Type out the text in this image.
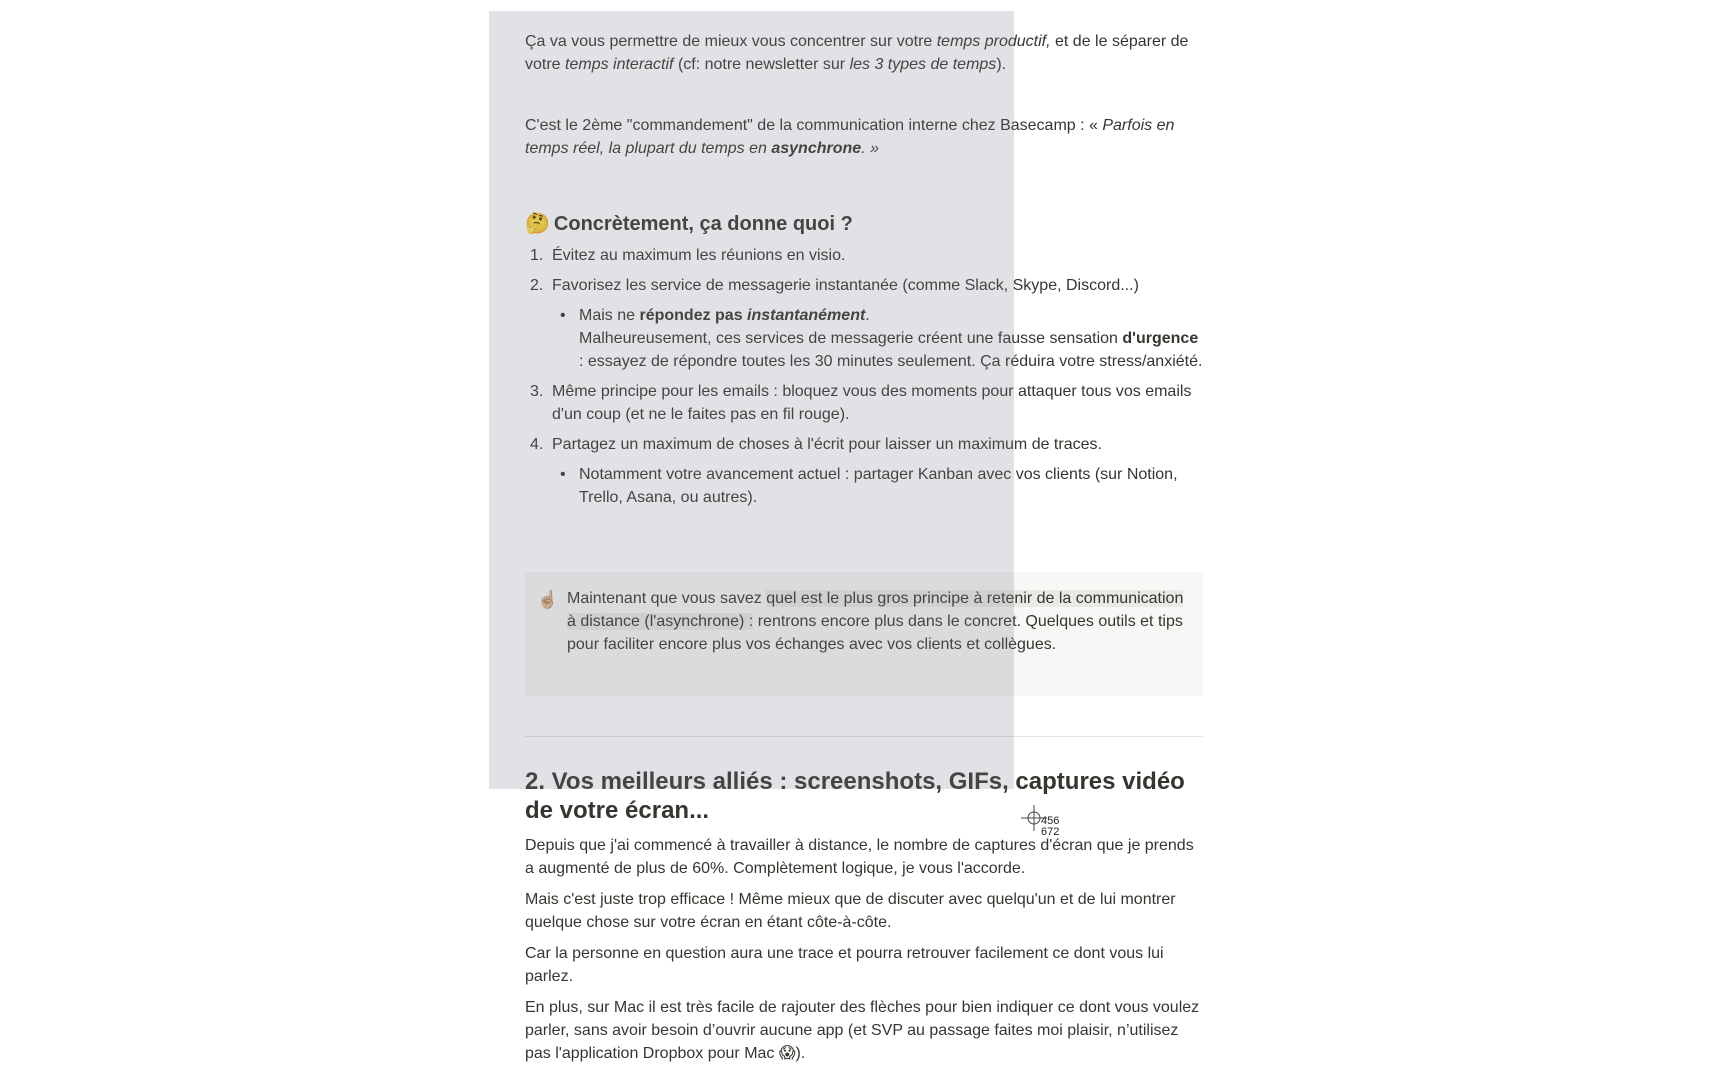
Ça va vous permettre de mieux vous concentrer sur votre temps productif, et de le séparer de votre temps interactif (cf: notre newsletter sur les 3 types de temps).

C'est le 2ème "commandement" de la communication interne chez Basecamp : « Parfois en temps réel, la plupart du temps en asynchrone. »

🤔 Concrètement, ça donne quoi ?
1. Évitez au maximum les réunions en visio.
2. Favorisez les service de messagerie instantanée (comme Slack, Skype, Discord...)
• Mais ne répondez pas instantanément.
Malheureusement, ces services de messagerie créent une fausse sensation d'urgence : essayez de répondre toutes les 30 minutes seulement. Ça réduira votre stress/anxiété.
3. Même principe pour les emails : bloquez vous des moments pour attaquer tous vos emails d'un coup (et ne le faites pas en fil rouge).
4. Partagez un maximum de choses à l'écrit pour laisser un maximum de traces.
• Notamment votre avancement actuel : partager Kanban avec vos clients (sur Notion, Trello, Asana, ou autres).
☝🏼 Maintenant que vous savez quel est le plus gros principe à retenir de la communication à distance (l'asynchrone) : rentrons encore plus dans le concret. Quelques outils et tips pour faciliter encore plus vos échanges avec vos clients et collègues.
2. Vos meilleurs alliés : screenshots, GIFs, captures vidéo de votre écran...

Depuis que j'ai commencé à travailler à distance, le nombre de captures d'écran que je prends a augmenté de plus de 60%. Complètement logique, je vous l'accorde.

Mais c'est juste trop efficace ! Même mieux que de discuter avec quelqu'un et de lui montrer quelque chose sur votre écran en étant côte-à-côte.

Car la personne en question aura une trace et pourra retrouver facilement ce dont vous lui parlez.

En plus, sur Mac il est très facile de rajouter des flèches pour bien indiquer ce dont vous voulez parler, sans avoir besoin d’ouvrir aucune app (et SVP au passage faites moi plaisir, n’utilisez pas l'application Dropbox pour Mac 😱).

456
672
